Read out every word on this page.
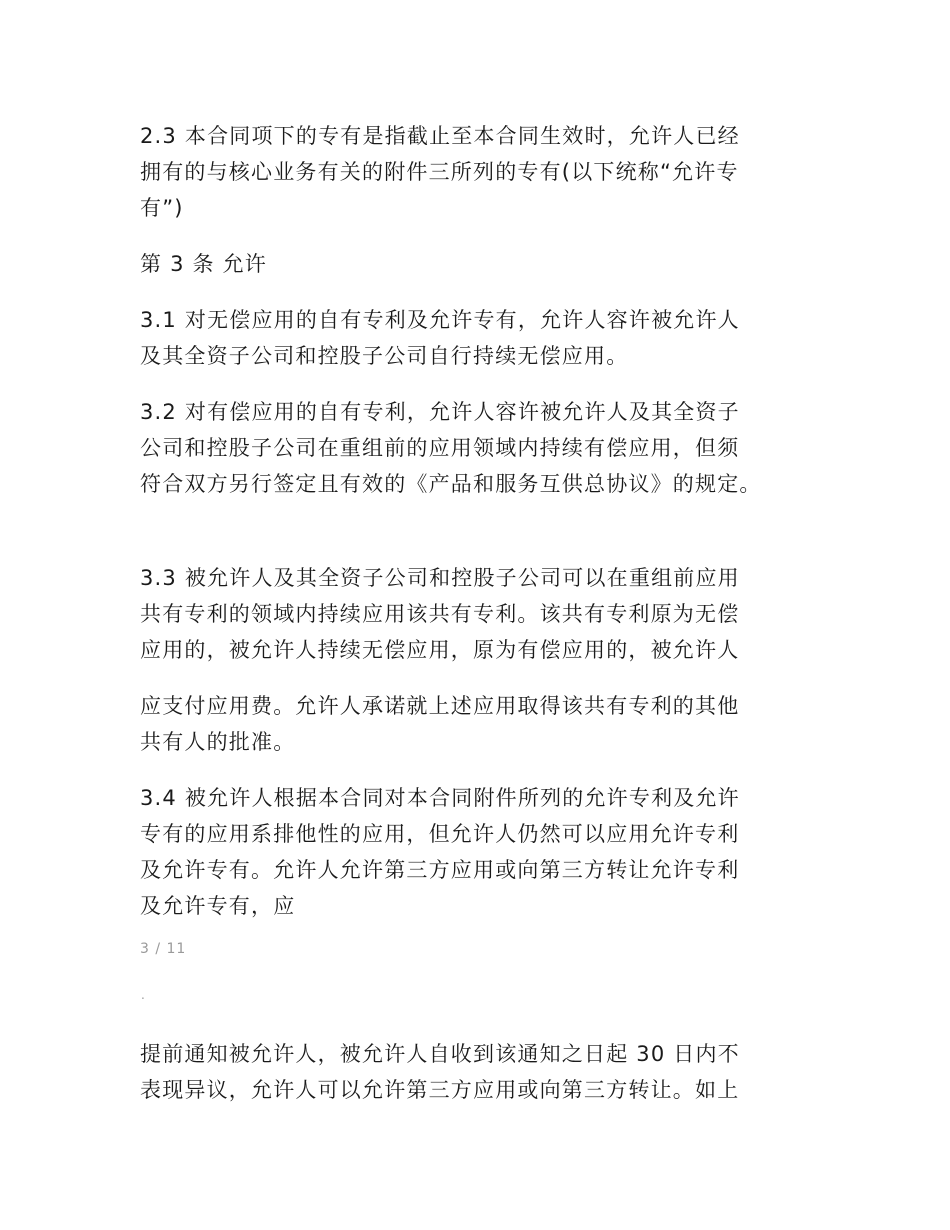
2.3 本合同项下的专有是指截止至本合同生效时，允许人已经
拥有的与核心业务有关的附件三所列的专有(以下统称“允许专
有”)
第 3 条 允许
3.1 对无偿应用的自有专利及允许专有，允许人容许被允许人
及其全资子公司和控股子公司自行持续无偿应用。
3.2 对有偿应用的自有专利，允许人容许被允许人及其全资子
公司和控股子公司在重组前的应用领域内持续有偿应用，但须
符合双方另行签定且有效的《产品和服务互供总协议》的规定。
3.3 被允许人及其全资子公司和控股子公司可以在重组前应用
共有专利的领域内持续应用该共有专利。该共有专利原为无偿
应用的，被允许人持续无偿应用，原为有偿应用的，被允许人
应支付应用费。允许人承诺就上述应用取得该共有专利的其他
共有人的批准。
3.4 被允许人根据本合同对本合同附件所列的允许专利及允许
专有的应用系排他性的应用，但允许人仍然可以应用允许专利
及允许专有。允许人允许第三方应用或向第三方转让允许专利
及允许专有，应
3 / 11
.
提前通知被允许人，被允许人自收到该通知之日起 30 日内不
表现异议，允许人可以允许第三方应用或向第三方转让。如上
